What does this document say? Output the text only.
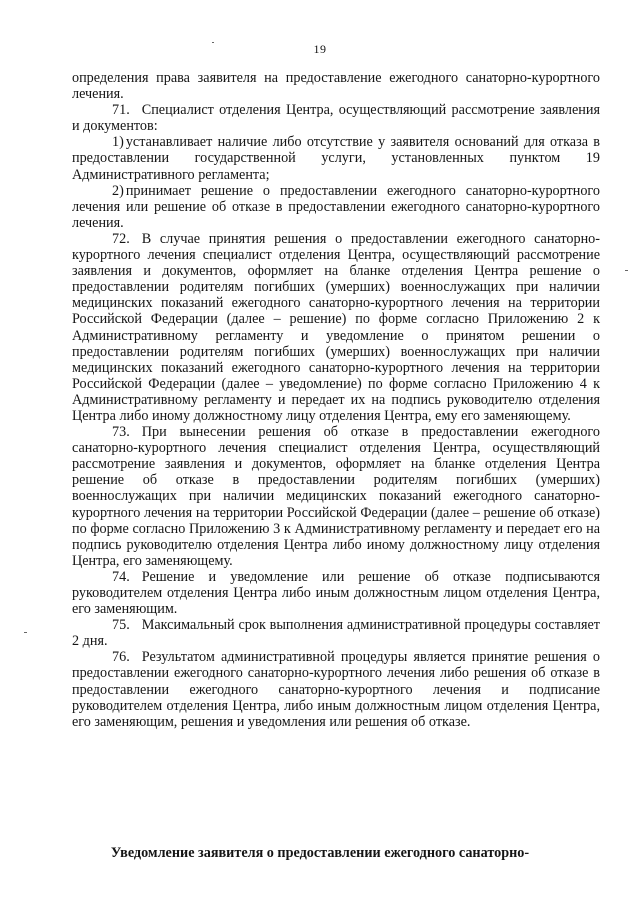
19

определения права заявителя на предоставление ежегодного санаторно-курортного лечения.

71. Специалист отделения Центра, осуществляющий рассмотрение заявления и документов:

1) устанавливает наличие либо отсутствие у заявителя оснований для отказа в предоставлении государственной услуги, установленных пунктом 19 Административного регламента;

2) принимает решение о предоставлении ежегодного санаторно-курортного лечения или решение об отказе в предоставлении ежегодного санаторно-курортного лечения.

72. В случае принятия решения о предоставлении ежегодного санаторно-курортного лечения специалист отделения Центра, осуществляющий рассмотрение заявления и документов, оформляет на бланке отделения Центра решение о предоставлении родителям погибших (умерших) военнослужащих при наличии медицинских показаний ежегодного санаторно-курортного лечения на территории Российской Федерации (далее – решение) по форме согласно Приложению 2 к Административному регламенту и уведомление о принятом решении о предоставлении родителям погибших (умерших) военнослужащих при наличии медицинских показаний ежегодного санаторно-курортного лечения на территории Российской Федерации (далее – уведомление) по форме согласно Приложению 4 к Административному регламенту и передает их на подпись руководителю отделения Центра либо иному должностному лицу отделения Центра, ему его заменяющему.

73. При вынесении решения об отказе в предоставлении ежегодного санаторно-курортного лечения специалист отделения Центра, осуществляющий рассмотрение заявления и документов, оформляет на бланке отделения Центра решение об отказе в предоставлении родителям погибших (умерших) военнослужащих при наличии медицинских показаний ежегодного санаторно-курортного лечения на территории Российской Федерации (далее – решение об отказе) по форме согласно Приложению 3 к Административному регламенту и передает его на подпись руководителю отделения Центра либо иному должностному лицу отделения Центра, его заменяющему.

74. Решение и уведомление или решение об отказе подписываются руководителем отделения Центра либо иным должностным лицом отделения Центра, его заменяющим.

75. Максимальный срок выполнения административной процедуры составляет 2 дня.

76. Результатом административной процедуры является принятие решения о предоставлении ежегодного санаторно-курортного лечения либо решения об отказе в предоставлении ежегодного санаторно-курортного лечения и подписание руководителем отделения Центра, либо иным должностным лицом отделения Центра, его заменяющим, решения и уведомления или решения об отказе.

Уведомление заявителя о предоставлении ежегодного санаторно-
